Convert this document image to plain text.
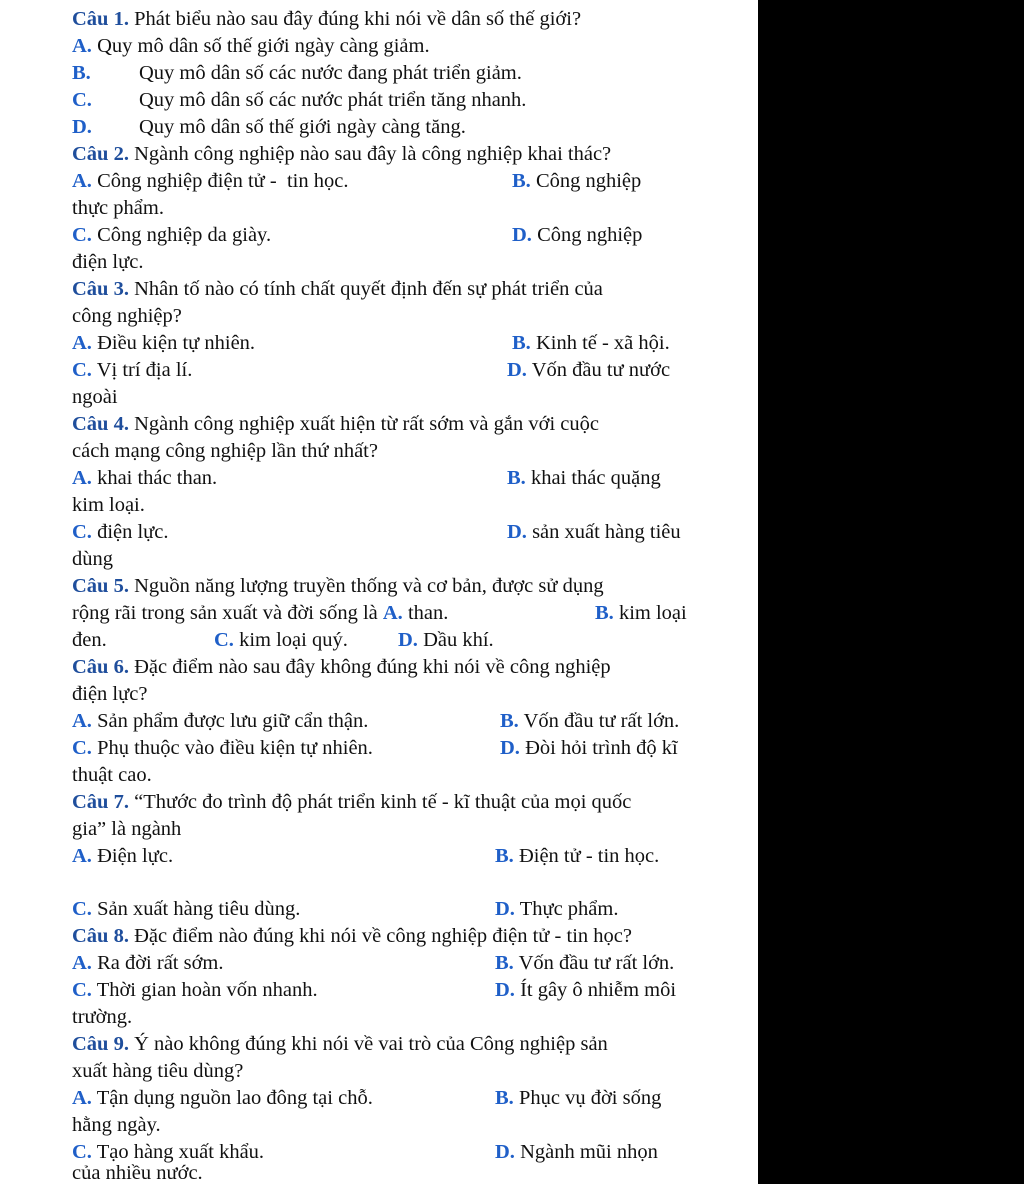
Câu 1. Phát biểu nào sau đây đúng khi nói về dân số thế giới?
A. Quy mô dân số thế giới ngày càng giảm.
B. Quy mô dân số các nước đang phát triển giảm.
C. Quy mô dân số các nước phát triển tăng nhanh.
D. Quy mô dân số thế giới ngày càng tăng.
Câu 2. Ngành công nghiệp nào sau đây là công nghiệp khai thác?
A. Công nghiệp điện tử -  tin học.	B. Công nghiệp
thực phẩm.
C. Công nghiệp da giày.	D. Công nghiệp
điện lực.
Câu 3. Nhân tố nào có tính chất quyết định đến sự phát triển của
công nghiệp?
A. Điều kiện tự nhiên.	B. Kinh tế - xã hội.
C. Vị trí địa lí.	D. Vốn đầu tư nước
ngoài
Câu 4. Ngành công nghiệp xuất hiện từ rất sớm và gắn với cuộc
cách mạng công nghiệp lần thứ nhất?
A. khai thác than.	B. khai thác quặng
kim loại.
C. điện lực.	D. sản xuất hàng tiêu
dùng
Câu 5. Nguồn năng lượng truyền thống và cơ bản, được sử dụng
rộng rãi trong sản xuất và đời sống là A. than.	B. kim loại
đen.	C. kim loại quý. D. Dầu khí.
Câu 6. Đặc điểm nào sau đây không đúng khi nói về công nghiệp
điện lực?
A. Sản phẩm được lưu giữ cẩn thận.	B. Vốn đầu tư rất lớn.
C. Phụ thuộc vào điều kiện tự nhiên.	D. Đòi hỏi trình độ kĩ
thuật cao.
Câu 7. “Thước đo trình độ phát triển kinh tế - kĩ thuật của mọi quốc
gia” là ngành
A. Điện lực.	B. Điện tử - tin học.
C. Sản xuất hàng tiêu dùng.	D. Thực phẩm.
Câu 8. Đặc điểm nào đúng khi nói về công nghiệp điện tử - tin học?
A. Ra đời rất sớm.	B. Vốn đầu tư rất lớn.
C. Thời gian hoàn vốn nhanh.	D. Ít gây ô nhiễm môi
trường.
Câu 9. Ý nào không đúng khi nói về vai trò của Công nghiệp sản
xuất hàng tiêu dùng?
A. Tận dụng nguồn lao đông tại chỗ.	B. Phục vụ đời sống
hằng ngày.
C. Tạo hàng xuất khẩu.	D. Ngành mũi nhọn
của nhiều nước.
